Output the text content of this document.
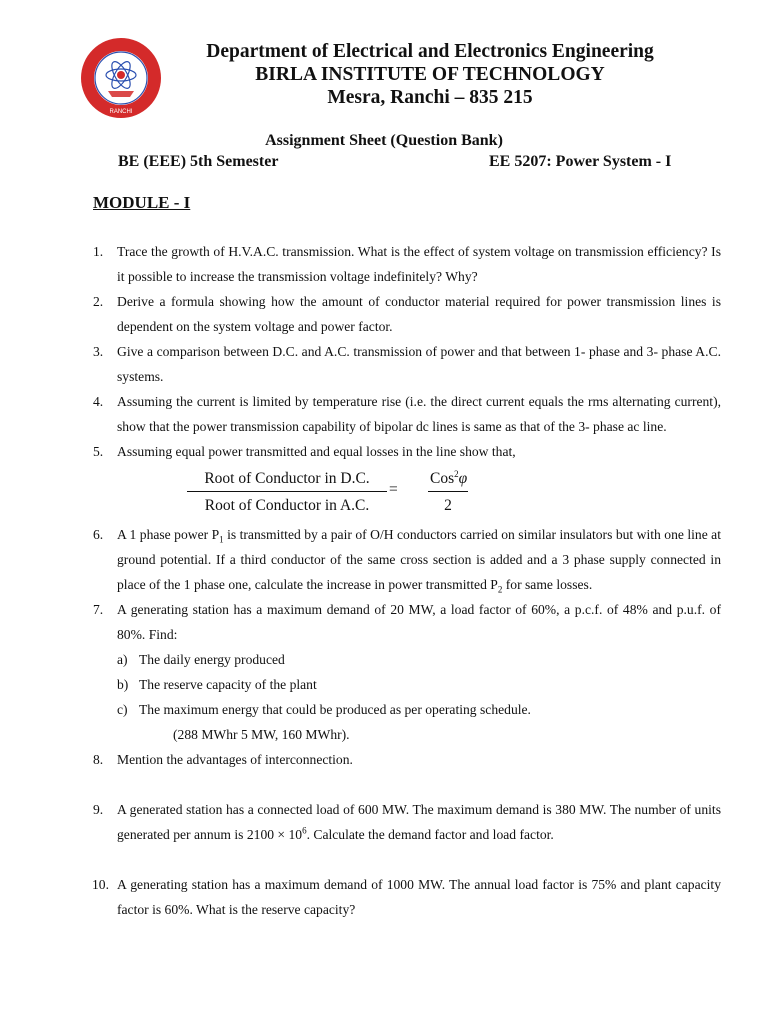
RANCHI
Department of Electrical and Electronics Engineering
BIRLA INSTITUTE OF TECHNOLOGY
Mesra, Ranchi – 835 215
Assignment Sheet (Question Bank)
BE (EEE) 5th Semester	EE 5207: Power System - I
MODULE - I
1. Trace the growth of H.V.A.C. transmission. What is the effect of system voltage on transmission efficiency? Is it possible to increase the transmission voltage indefinitely? Why?
2. Derive a formula showing how the amount of conductor material required for power transmission lines is dependent on the system voltage and power factor.
3. Give a comparison between D.C. and A.C. transmission of power and that between 1- phase and 3- phase A.C. systems.
4. Assuming the current is limited by temperature rise (i.e. the direct current equals the rms alternating current), show that the power transmission capability of bipolar dc lines is same as that of the 3- phase ac line.
5. Assuming equal power transmitted and equal losses in the line show that,
Root of Conductor in D.C.
Root of Conductor in A.C.
=
Cos$^2$φ
2
6. A 1 phase power $P_1$ is transmitted by a pair of O/H conductors carried on similar insulators but with one line at ground potential. If a third conductor of the same cross section is added and a 3 phase supply connected in place of the 1 phase one, calculate the increase in power transmitted $P_2$ for same losses.
7. A generating station has a maximum demand of 20 MW, a load factor of 60%, a p.c.f. of 48% and p.u.f. of 80%. Find:
a) The daily energy produced
b) The reserve capacity of the plant
c) The maximum energy that could be produced as per operating schedule.
(288 MWhr 5 MW, 160 MWhr).
8. Mention the advantages of interconnection.
9. A generated station has a connected load of 600 MW. The maximum demand is 380 MW. The number of units generated per annum is $2100 \times 10^6$. Calculate the demand factor and load factor.
10. A generating station has a maximum demand of 1000 MW. The annual load factor is 75% and plant capacity factor is 60%. What is the reserve capacity?
